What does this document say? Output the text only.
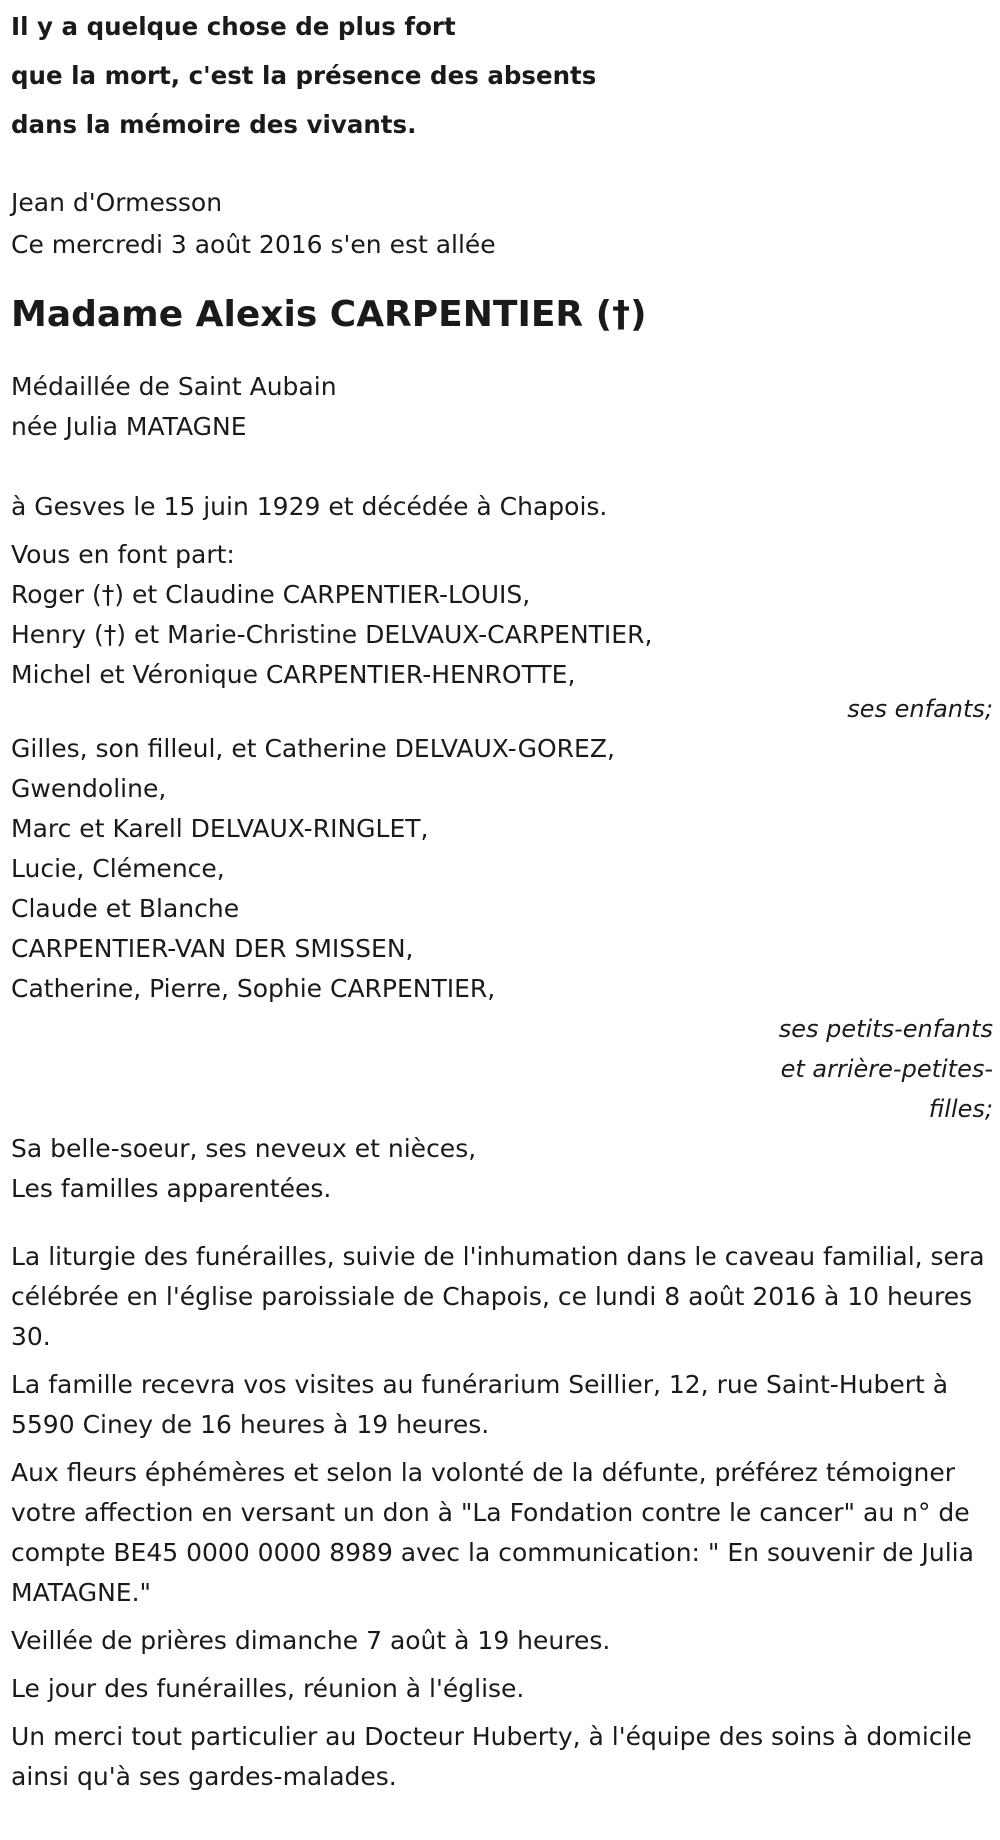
Il y a quelque chose de plus fort
que la mort, c'est la présence des absents
dans la mémoire des vivants.
Jean d'Ormesson
Ce mercredi 3 août 2016 s'en est allée
Madame Alexis CARPENTIER (†)
Médaillée de Saint Aubain
née Julia MATAGNE
à Gesves le 15 juin 1929 et décédée à Chapois.
Vous en font part:
Roger (†) et Claudine CARPENTIER-LOUIS,
Henry (†) et Marie-Christine DELVAUX-CARPENTIER,
Michel et Véronique CARPENTIER-HENROTTE,
ses enfants;
Gilles, son filleul, et Catherine DELVAUX-GOREZ,
Gwendoline,
Marc et Karell DELVAUX-RINGLET,
Lucie, Clémence,
Claude et Blanche
CARPENTIER-VAN DER SMISSEN,
Catherine, Pierre, Sophie CARPENTIER,
ses petits-enfants
et arrière-petites-
filles;
Sa belle-soeur, ses neveux et nièces,
Les familles apparentées.
La liturgie des funérailles, suivie de l'inhumation dans le caveau familial, sera célébrée en l'église paroissiale de Chapois, ce lundi 8 août 2016 à 10 heures 30.
La famille recevra vos visites au funérarium Seillier, 12, rue Saint-Hubert à 5590 Ciney de 16 heures à 19 heures.
Aux fleurs éphémères et selon la volonté de la défunte, préférez témoigner votre affection en versant un don à "La Fondation contre le cancer" au n° de compte BE45 0000 0000 8989 avec la communication: " En souvenir de Julia MATAGNE."
Veillée de prières dimanche 7 août à 19 heures.
Le jour des funérailles, réunion à l'église.
Un merci tout particulier au Docteur Huberty, à l'équipe des soins à domicile ainsi qu'à ses gardes-malades.
